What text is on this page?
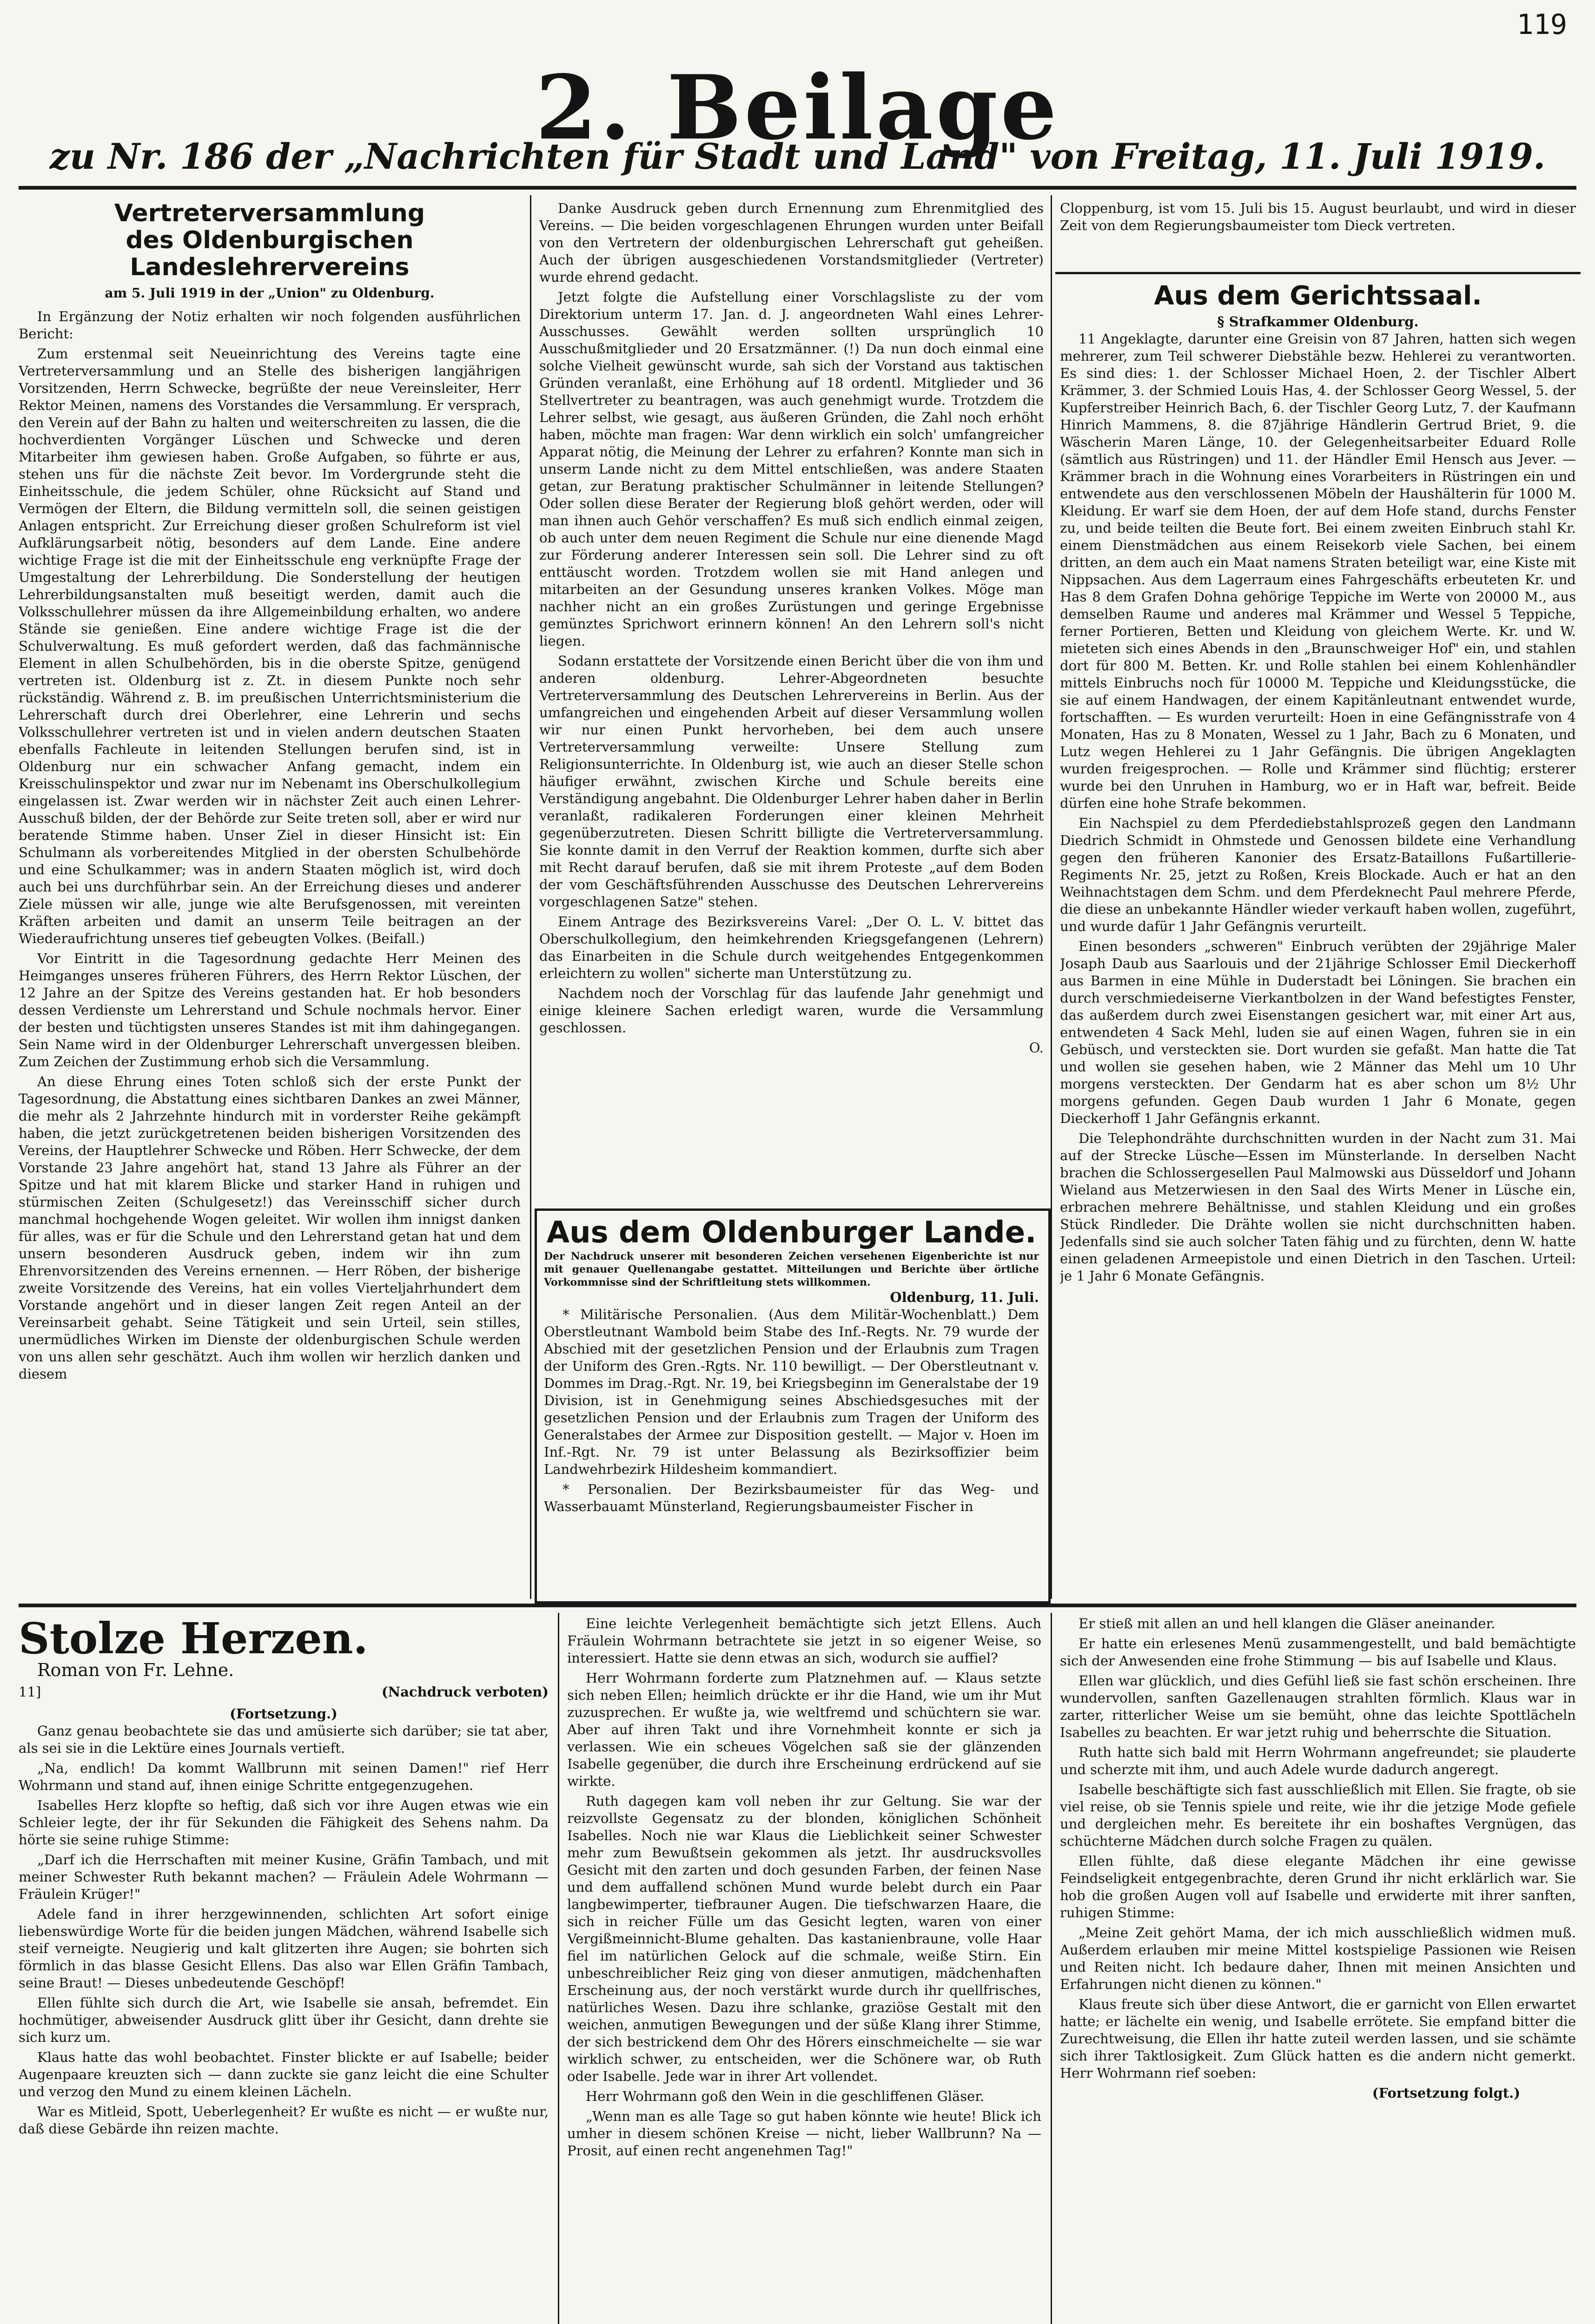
119
2. Beilage
zu Nr. 186 der „Nachrichten für Stadt und Land" von Freitag, 11. Juli 1919.
Vertreterversammlung
des Oldenburgischen Landeslehrervereins
am 5. Juli 1919 in der „Union" zu Oldenburg.

In Ergänzung der Notiz erhalten wir noch folgenden ausführlichen Bericht:

Zum erstenmal seit Neueinrichtung des Vereins tagte eine Vertreterversammlung und an Stelle des bisherigen langjährigen Vorsitzenden, Herrn Schwecke, begrüßte der neue Vereinsleiter, Herr Rektor Meinen, namens des Vorstandes die Versammlung. Er versprach, den Verein auf der Bahn zu halten und weiterschreiten zu lassen, die die hochverdienten Vorgänger Lüschen und Schwecke und deren Mitarbeiter ihm gewiesen haben. Große Aufgaben, so führte er aus, stehen uns für die nächste Zeit bevor. Im Vordergrunde steht die Einheitsschule, die jedem Schüler, ohne Rücksicht auf Stand und Vermögen der Eltern, die Bildung vermitteln soll, die seinen geistigen Anlagen entspricht. Zur Erreichung dieser großen Schulreform ist viel Aufklärungsarbeit nötig, besonders auf dem Lande. Eine andere wichtige Frage ist die mit der Einheitsschule eng verknüpfte Frage der Umgestaltung der Lehrerbildung. Die Sonderstellung der heutigen Lehrerbildungsanstalten muß beseitigt werden, damit auch die Volksschullehrer müssen da ihre Allgemeinbildung erhalten, wo andere Stände sie genießen. Eine andere wichtige Frage ist die der Schulverwaltung. Es muß gefordert werden, daß das fachmännische Element in allen Schulbehörden, bis in die oberste Spitze, genügend vertreten ist. Oldenburg ist z. Zt. in diesem Punkte noch sehr rückständig. Während z. B. im preußischen Unterrichtsministerium die Lehrerschaft durch drei Oberlehrer, eine Lehrerin und sechs Volksschullehrer vertreten ist und in vielen andern deutschen Staaten ebenfalls Fachleute in leitenden Stellungen berufen sind, ist in Oldenburg nur ein schwacher Anfang gemacht, indem ein Kreisschulinspektor und zwar nur im Nebenamt ins Oberschulkollegium eingelassen ist. Zwar werden wir in nächster Zeit auch einen Lehrer-Ausschuß bilden, der der Behörde zur Seite treten soll, aber er wird nur beratende Stimme haben. Unser Ziel in dieser Hinsicht ist: Ein Schulmann als vorbereitendes Mitglied in der obersten Schulbehörde und eine Schulkammer; was in andern Staaten möglich ist, wird doch auch bei uns durchführbar sein. An der Erreichung dieses und anderer Ziele müssen wir alle, junge wie alte Berufsgenossen, mit vereinten Kräften arbeiten und damit an unserm Teile beitragen an der Wiederaufrichtung unseres tief gebeugten Volkes. (Beifall.)

Vor Eintritt in die Tagesordnung gedachte Herr Meinen des Heimganges unseres früheren Führers, des Herrn Rektor Lüschen, der 12 Jahre an der Spitze des Vereins gestanden hat. Er hob besonders dessen Verdienste um Lehrerstand und Schule nochmals hervor. Einer der besten und tüchtigsten unseres Standes ist mit ihm dahingegangen. Sein Name wird in der Oldenburger Lehrerschaft unvergessen bleiben. Zum Zeichen der Zustimmung erhob sich die Versammlung.

An diese Ehrung eines Toten schloß sich der erste Punkt der Tagesordnung, die Abstattung eines sichtbaren Dankes an zwei Männer, die mehr als 2 Jahrzehnte hindurch mit in vorderster Reihe gekämpft haben, die jetzt zurückgetretenen beiden bisherigen Vorsitzenden des Vereins, der Hauptlehrer Schwecke und Röben. Herr Schwecke, der dem Vorstande 23 Jahre angehört hat, stand 13 Jahre als Führer an der Spitze und hat mit klarem Blicke und starker Hand in ruhigen und stürmischen Zeiten (Schulgesetz!) das Vereinsschiff sicher durch manchmal hochgehende Wogen geleitet. Wir wollen ihm innigst danken für alles, was er für die Schule und den Lehrerstand getan hat und dem unsern besonderen Ausdruck geben, indem wir ihn zum Ehrenvorsitzenden des Vereins ernennen. — Herr Röben, der bisherige zweite Vorsitzende des Vereins, hat ein volles Vierteljahrhundert dem Vorstande angehört und in dieser langen Zeit regen Anteil an der Vereinsarbeit gehabt. Seine Tätigkeit und sein Urteil, sein stilles, unermüdliches Wirken im Dienste der oldenburgischen Schule werden von uns allen sehr geschätzt. Auch ihm wollen wir herzlich danken und diesem

Danke Ausdruck geben durch Ernennung zum Ehrenmitglied des Vereins. — Die beiden vorgeschlagenen Ehrungen wurden unter Beifall von den Vertretern der oldenburgischen Lehrerschaft gut geheißen. Auch der übrigen ausgeschiedenen Vorstandsmitglieder (Vertreter) wurde ehrend gedacht.

Jetzt folgte die Aufstellung einer Vorschlagsliste zu der vom Direktorium unterm 17. Jan. d. J. angeordneten Wahl eines Lehrer-Ausschusses. Gewählt werden sollten ursprünglich 10 Ausschußmitglieder und 20 Ersatzmänner. (!) Da nun doch einmal eine solche Vielheit gewünscht wurde, sah sich der Vorstand aus taktischen Gründen veranlaßt, eine Erhöhung auf 18 ordentl. Mitglieder und 36 Stellvertreter zu beantragen, was auch genehmigt wurde. Trotzdem die Lehrer selbst, wie gesagt, aus äußeren Gründen, die Zahl noch erhöht haben, möchte man fragen: War denn wirklich ein solch' umfangreicher Apparat nötig, die Meinung der Lehrer zu erfahren? Konnte man sich in unserm Lande nicht zu dem Mittel entschließen, was andere Staaten getan, zur Beratung praktischer Schulmänner in leitende Stellungen? Oder sollen diese Berater der Regierung bloß gehört werden, oder will man ihnen auch Gehör verschaffen? Es muß sich endlich einmal zeigen, ob auch unter dem neuen Regiment die Schule nur eine dienende Magd zur Förderung anderer Interessen sein soll. Die Lehrer sind zu oft enttäuscht worden. Trotzdem wollen sie mit Hand anlegen und mitarbeiten an der Gesundung unseres kranken Volkes. Möge man nachher nicht an ein großes Zurüstungen und geringe Ergebnisse gemünztes Sprichwort erinnern können! An den Lehrern soll's nicht liegen.

Sodann erstattete der Vorsitzende einen Bericht über die von ihm und anderen oldenburg. Lehrer-Abgeordneten besuchte Vertreterversammlung des Deutschen Lehrervereins in Berlin. Aus der umfangreichen und eingehenden Arbeit auf dieser Versammlung wollen wir nur einen Punkt hervorheben, bei dem auch unsere Vertreterversammlung verweilte: Unsere Stellung zum Religionsunterrichte. In Oldenburg ist, wie auch an dieser Stelle schon häufiger erwähnt, zwischen Kirche und Schule bereits eine Verständigung angebahnt. Die Oldenburger Lehrer haben daher in Berlin veranlaßt, radikaleren Forderungen einer kleinen Mehrheit gegenüberzutreten. Diesen Schritt billigte die Vertreterversammlung. Sie konnte damit in den Verruf der Reaktion kommen, durfte sich aber mit Recht darauf berufen, daß sie mit ihrem Proteste „auf dem Boden der vom Geschäftsführenden Ausschusse des Deutschen Lehrervereins vorgeschlagenen Satze" stehen.

Einem Antrage des Bezirksvereins Varel: „Der O. L. V. bittet das Oberschulkollegium, den heimkehrenden Kriegsgefangenen (Lehrern) das Einarbeiten in die Schule durch weitgehendes Entgegenkommen erleichtern zu wollen" sicherte man Unterstützung zu.

Nachdem noch der Vorschlag für das laufende Jahr genehmigt und einige kleinere Sachen erledigt waren, wurde die Versammlung geschlossen.

O.
Aus dem Oldenburger Lande.
Der Nachdruck unserer mit besonderen Zeichen versehenen Eigenberichte ist nur mit genauer Quellenangabe gestattet. Mitteilungen und Berichte über örtliche Vorkommnisse sind der Schriftleitung stets willkommen.
Oldenburg, 11. Juli.

* Militärische Personalien. (Aus dem Militär-Wochenblatt.) Dem Oberstleutnant Wambold beim Stabe des Inf.-Regts. Nr. 79 wurde der Abschied mit der gesetzlichen Pension und der Erlaubnis zum Tragen der Uniform des Gren.-Rgts. Nr. 110 bewilligt. — Der Oberstleutnant v. Dommes im Drag.-Rgt. Nr. 19, bei Kriegsbeginn im Generalstabe der 19 Division, ist in Genehmigung seines Abschiedsgesuches mit der gesetzlichen Pension und der Erlaubnis zum Tragen der Uniform des Generalstabes der Armee zur Disposition gestellt. — Major v. Hoen im Inf.-Rgt. Nr. 79 ist unter Belassung als Bezirksoffizier beim Landwehrbezirk Hildesheim kommandiert.

* Personalien. Der Bezirksbaumeister für das Weg- und Wasserbauamt Münsterland, Regierungsbaumeister Fischer in

Cloppenburg, ist vom 15. Juli bis 15. August beurlaubt, und wird in dieser Zeit von dem Regierungsbaumeister tom Dieck vertreten.

Aus dem Gerichtssaal.
§ Strafkammer Oldenburg.

11 Angeklagte, darunter eine Greisin von 87 Jahren, hatten sich wegen mehrerer, zum Teil schwerer Diebstähle bezw. Hehlerei zu verantworten. Es sind dies: 1. der Schlosser Michael Hoen, 2. der Tischler Albert Krämmer, 3. der Schmied Louis Has, 4. der Schlosser Georg Wessel, 5. der Kupferstreiber Heinrich Bach, 6. der Tischler Georg Lutz, 7. der Kaufmann Hinrich Mammens, 8. die 87jährige Händlerin Gertrud Briet, 9. die Wäscherin Maren Länge, 10. der Gelegenheitsarbeiter Eduard Rolle (sämtlich aus Rüstringen) und 11. der Händler Emil Hensch aus Jever. — Krämmer brach in die Wohnung eines Vorarbeiters in Rüstringen ein und entwendete aus den verschlossenen Möbeln der Haushälterin für 1000 M. Kleidung. Er warf sie dem Hoen, der auf dem Hofe stand, durchs Fenster zu, und beide teilten die Beute fort. Bei einem zweiten Einbruch stahl Kr. einem Dienstmädchen aus einem Reisekorb viele Sachen, bei einem dritten, an dem auch ein Maat namens Straten beteiligt war, eine Kiste mit Nippsachen. Aus dem Lagerraum eines Fahrgeschäfts erbeuteten Kr. und Has 8 dem Grafen Dohna gehörige Teppiche im Werte von 20000 M., aus demselben Raume und anderes mal Krämmer und Wessel 5 Teppiche, ferner Portieren, Betten und Kleidung von gleichem Werte. Kr. und W. mieteten sich eines Abends in den „Braunschweiger Hof" ein, und stahlen dort für 800 M. Betten. Kr. und Rolle stahlen bei einem Kohlenhändler mittels Einbruchs noch für 10000 M. Teppiche und Kleidungsstücke, die sie auf einem Handwagen, der einem Kapitänleutnant entwendet wurde, fortschafften. — Es wurden verurteilt: Hoen in eine Gefängnisstrafe von 4 Monaten, Has zu 8 Monaten, Wessel zu 1 Jahr, Bach zu 6 Monaten, und Lutz wegen Hehlerei zu 1 Jahr Gefängnis. Die übrigen Angeklagten wurden freigesprochen. — Rolle und Krämmer sind flüchtig; ersterer wurde bei den Unruhen in Hamburg, wo er in Haft war, befreit. Beide dürfen eine hohe Strafe bekommen.

Ein Nachspiel zu dem Pferdediebstahlsprozeß gegen den Landmann Diedrich Schmidt in Ohmstede und Genossen bildete eine Verhandlung gegen den früheren Kanonier des Ersatz-Bataillons Fußartillerie-Regiments Nr. 25, jetzt zu Roßen, Kreis Blockade. Auch er hat an den Weihnachtstagen dem Schm. und dem Pferdeknecht Paul mehrere Pferde, die diese an unbekannte Händler wieder verkauft haben wollen, zugeführt, und wurde dafür 1 Jahr Gefängnis verurteilt.

Einen besonders „schweren" Einbruch verübten der 29jährige Maler Josaph Daub aus Saarlouis und der 21jährige Schlosser Emil Dieckerhoff aus Barmen in eine Mühle in Duderstadt bei Löningen. Sie brachen ein durch verschmiedeiserne Vierkantbolzen in der Wand befestigtes Fenster, das außerdem durch zwei Eisenstangen gesichert war, mit einer Art aus, entwendeten 4 Sack Mehl, luden sie auf einen Wagen, fuhren sie in ein Gebüsch, und versteckten sie. Dort wurden sie gefaßt. Man hatte die Tat und wollen sie gesehen haben, wie 2 Männer das Mehl um 10 Uhr morgens versteckten. Der Gendarm hat es aber schon um 8½ Uhr morgens gefunden. Gegen Daub wurden 1 Jahr 6 Monate, gegen Dieckerhoff 1 Jahr Gefängnis erkannt.

Die Telephondrähte durchschnitten wurden in der Nacht zum 31. Mai auf der Strecke Lüsche—Essen im Münsterlande. In derselben Nacht brachen die Schlossergesellen Paul Malmowski aus Düsseldorf und Johann Wieland aus Metzerwiesen in den Saal des Wirts Mener in Lüsche ein, erbrachen mehrere Behältnisse, und stahlen Kleidung und ein großes Stück Rindleder. Die Drähte wollen sie nicht durchschnitten haben. Jedenfalls sind sie auch solcher Taten fähig und zu fürchten, denn W. hatte einen geladenen Armeepistole und einen Dietrich in den Taschen. Urteil: je 1 Jahr 6 Monate Gefängnis.

Stolze Herzen.
Roman von Fr. Lehne.
11]	(Nachdruck verboten)
(Fortsetzung.)

Ganz genau beobachtete sie das und amüsierte sich darüber; sie tat aber, als sei sie in die Lektüre eines Journals vertieft.

„Na, endlich! Da kommt Wallbrunn mit seinen Damen!" rief Herr Wohrmann und stand auf, ihnen einige Schritte entgegenzugehen.

Isabelles Herz klopfte so heftig, daß sich vor ihre Augen etwas wie ein Schleier legte, der ihr für Sekunden die Fähigkeit des Sehens nahm. Da hörte sie seine ruhige Stimme:

„Darf ich die Herrschaften mit meiner Kusine, Gräfin Tambach, und mit meiner Schwester Ruth bekannt machen? — Fräulein Adele Wohrmann — Fräulein Krüger!"

Adele fand in ihrer herzgewinnenden, schlichten Art sofort einige liebenswürdige Worte für die beiden jungen Mädchen, während Isabelle sich steif verneigte. Neugierig und kalt glitzerten ihre Augen; sie bohrten sich förmlich in das blasse Gesicht Ellens. Das also war Ellen Gräfin Tambach, seine Braut! — Dieses unbedeutende Geschöpf!

Ellen fühlte sich durch die Art, wie Isabelle sie ansah, befremdet. Ein hochmütiger, abweisender Ausdruck glitt über ihr Gesicht, dann drehte sie sich kurz um.

Klaus hatte das wohl beobachtet. Finster blickte er auf Isabelle; beider Augenpaare kreuzten sich — dann zuckte sie ganz leicht die eine Schulter und verzog den Mund zu einem kleinen Lächeln.

War es Mitleid, Spott, Ueberlegenheit? Er wußte es nicht — er wußte nur, daß diese Gebärde ihn reizen machte.

Eine leichte Verlegenheit bemächtigte sich jetzt Ellens. Auch Fräulein Wohrmann betrachtete sie jetzt in so eigener Weise, so interessiert. Hatte sie denn etwas an sich, wodurch sie auffiel?

Herr Wohrmann forderte zum Platznehmen auf. — Klaus setzte sich neben Ellen; heimlich drückte er ihr die Hand, wie um ihr Mut zuzusprechen. Er wußte ja, wie weltfremd und schüchtern sie war. Aber auf ihren Takt und ihre Vornehmheit konnte er sich ja verlassen. Wie ein scheues Vögelchen saß sie der glänzenden Isabelle gegenüber, die durch ihre Erscheinung erdrückend auf sie wirkte.

Ruth dagegen kam voll neben ihr zur Geltung. Sie war der reizvollste Gegensatz zu der blonden, königlichen Schönheit Isabelles. Noch nie war Klaus die Lieblichkeit seiner Schwester mehr zum Bewußtsein gekommen als jetzt. Ihr ausdrucksvolles Gesicht mit den zarten und doch gesunden Farben, der feinen Nase und dem auffallend schönen Mund wurde belebt durch ein Paar langbewimperter, tiefbrauner Augen. Die tiefschwarzen Haare, die sich in reicher Fülle um das Gesicht legten, waren von einer Vergißmeinnicht-Blume gehalten. Das kastanienbraune, volle Haar fiel im natürlichen Gelock auf die schmale, weiße Stirn. Ein unbeschreiblicher Reiz ging von dieser anmutigen, mädchenhaften Erscheinung aus, der noch verstärkt wurde durch ihr quellfrisches, natürliches Wesen. Dazu ihre schlanke, graziöse Gestalt mit den weichen, anmutigen Bewegungen und der süße Klang ihrer Stimme, der sich bestrickend dem Ohr des Hörers einschmeichelte — sie war wirklich schwer, zu entscheiden, wer die Schönere war, ob Ruth oder Isabelle. Jede war in ihrer Art vollendet.

Herr Wohrmann goß den Wein in die geschliffenen Gläser.

„Wenn man es alle Tage so gut haben könnte wie heute! Blick ich umher in diesem schönen Kreise — nicht, lieber Wallbrunn? Na — Prosit, auf einen recht angenehmen Tag!"

Er stieß mit allen an und hell klangen die Gläser aneinander.

Er hatte ein erlesenes Menü zusammengestellt, und bald bemächtigte sich der Anwesenden eine frohe Stimmung — bis auf Isabelle und Klaus.

Ellen war glücklich, und dies Gefühl ließ sie fast schön erscheinen. Ihre wundervollen, sanften Gazellenaugen strahlten förmlich. Klaus war in zarter, ritterlicher Weise um sie bemüht, ohne das leichte Spottlächeln Isabelles zu beachten. Er war jetzt ruhig und beherrschte die Situation.

Ruth hatte sich bald mit Herrn Wohrmann angefreundet; sie plauderte und scherzte mit ihm, und auch Adele wurde dadurch angeregt.

Isabelle beschäftigte sich fast ausschließlich mit Ellen. Sie fragte, ob sie viel reise, ob sie Tennis spiele und reite, wie ihr die jetzige Mode gefiele und dergleichen mehr. Es bereitete ihr ein boshaftes Vergnügen, das schüchterne Mädchen durch solche Fragen zu quälen.

Ellen fühlte, daß diese elegante Mädchen ihr eine gewisse Feindseligkeit entgegenbrachte, deren Grund ihr nicht erklärlich war. Sie hob die großen Augen voll auf Isabelle und erwiderte mit ihrer sanften, ruhigen Stimme:

„Meine Zeit gehört Mama, der ich mich ausschließlich widmen muß. Außerdem erlauben mir meine Mittel kostspielige Passionen wie Reisen und Reiten nicht. Ich bedaure daher, Ihnen mit meinen Ansichten und Erfahrungen nicht dienen zu können."

Klaus freute sich über diese Antwort, die er garnicht von Ellen erwartet hatte; er lächelte ein wenig, und Isabelle errötete. Sie empfand bitter die Zurechtweisung, die Ellen ihr hatte zuteil werden lassen, und sie schämte sich ihrer Taktlosigkeit. Zum Glück hatten es die andern nicht gemerkt. Herr Wohrmann rief soeben:

(Fortsetzung folgt.)
